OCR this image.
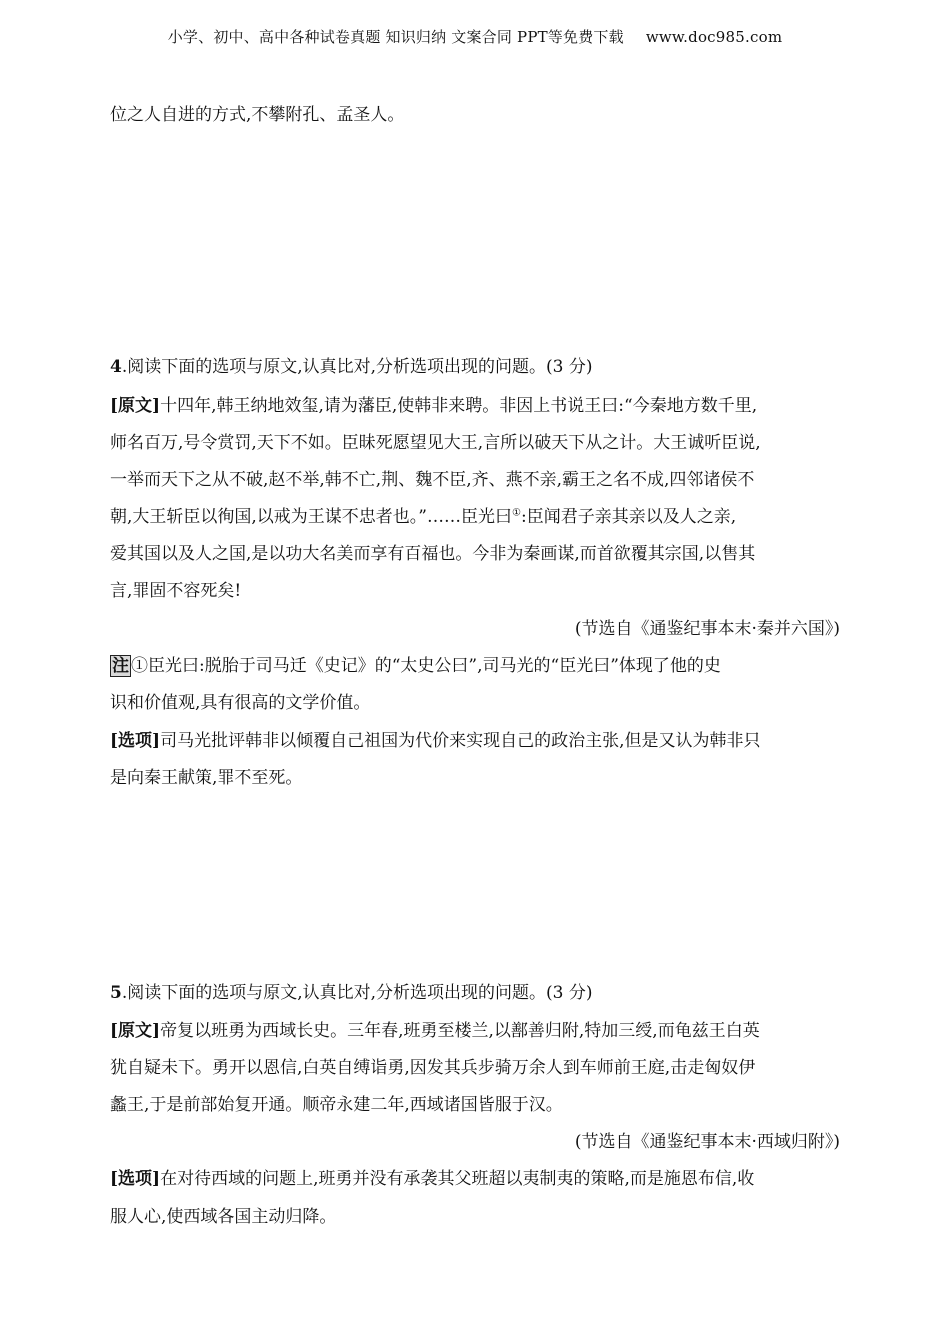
小学、初中、高中各种试卷真题 知识归纳 文案合同 PPT等免费下载 www.doc985.com
位之人自进的方式,不攀附孔、孟圣人。
4.阅读下面的选项与原文,认真比对,分析选项出现的问题。(3 分)
[原文]十四年,韩王纳地效玺,请为藩臣,使韩非来聘。非因上书说王曰:“今秦地方数千里,
师名百万,号令赏罚,天下不如。臣昧死愿望见大王,言所以破天下从之计。大王诚听臣说,
一举而天下之从不破,赵不举,韩不亡,荆、魏不臣,齐、燕不亲,霸王之名不成,四邻诸侯不
朝,大王斩臣以徇国,以戒为王谋不忠者也。”……臣光曰①:臣闻君子亲其亲以及人之亲,
爱其国以及人之国,是以功大名美而享有百福也。今非为秦画谋,而首欲覆其宗国,以售其
言,罪固不容死矣!
(节选自《通鉴纪事本末·秦并六国》)
注 ①臣光曰:脱胎于司马迁《史记》的“太史公曰”,司马光的“臣光曰”体现了他的史
识和价值观,具有很高的文学价值。
[选项]司马光批评韩非以倾覆自己祖国为代价来实现自己的政治主张,但是又认为韩非只
是向秦王献策,罪不至死。
5.阅读下面的选项与原文,认真比对,分析选项出现的问题。(3 分)
[原文]帝复以班勇为西域长史。三年春,班勇至楼兰,以鄯善归附,特加三绶,而龟兹王白英
犹自疑未下。勇开以恩信,白英自缚诣勇,因发其兵步骑万余人到车师前王庭,击走匈奴伊
蠡王,于是前部始复开通。顺帝永建二年,西域诸国皆服于汉。
(节选自《通鉴纪事本末·西域归附》)
[选项]在对待西域的问题上,班勇并没有承袭其父班超以夷制夷的策略,而是施恩布信,收
服人心,使西域各国主动归降。
